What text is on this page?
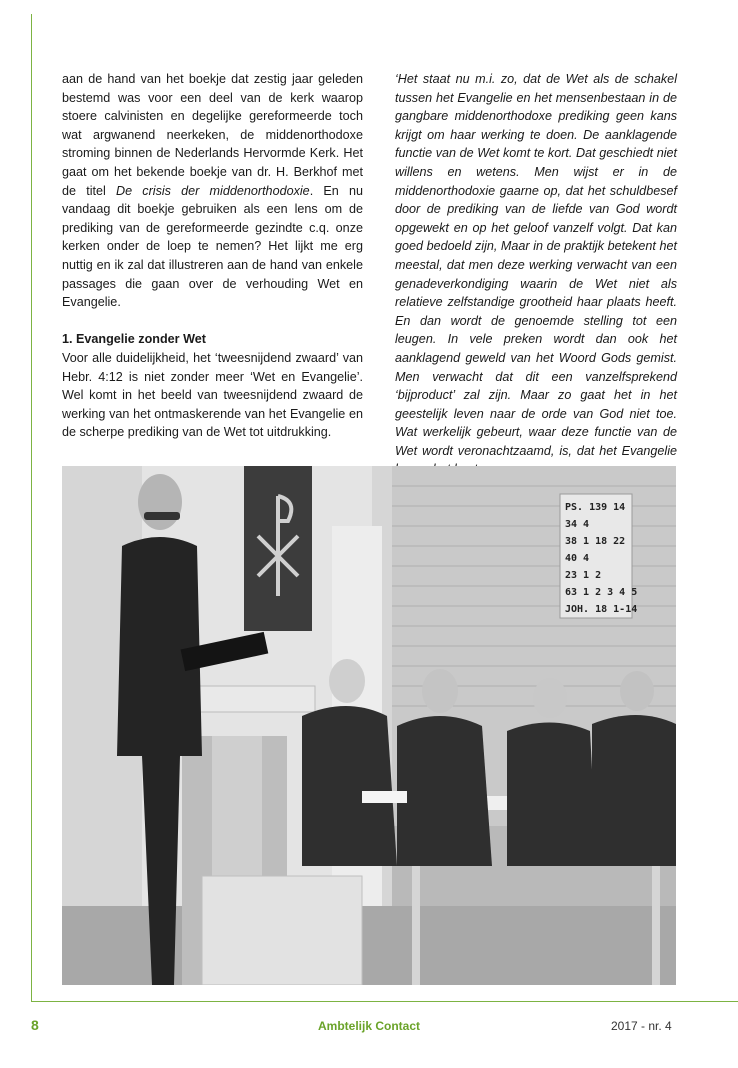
aan de hand van het boekje dat zestig jaar geleden bestemd was voor een deel van de kerk waarop stoere calvinisten en degelijke gereformeerde toch wat argwanend neerkeken, de middenorthodoxe stroming binnen de Nederlands Hervormde Kerk. Het gaat om het bekende boekje van dr. H. Berkhof met de titel De crisis der middenorthodoxie. En nu vandaag dit boekje gebruiken als een lens om de prediking van de gereformeerde gezindte c.q. onze kerken onder de loep te nemen? Het lijkt me erg nuttig en ik zal dat illustreren aan de hand van enkele passages die gaan over de verhouding Wet en Evangelie.

1. Evangelie zonder Wet

Voor alle duidelijkheid, het ‘tweesnijdend zwaard’ van Hebr. 4:12 is niet zonder meer ‘Wet en Evangelie’. Wel komt in het beeld van tweesnijdend zwaard de werking van het ontmaskerende van het Evangelie en de scherpe prediking van de Wet tot uitdrukking.

‘Het staat nu m.i. zo, dat de Wet als de schakel tussen het Evangelie en het mensenbestaan in de gangbare middenorthodoxe prediking geen kans krijgt om haar werking te doen. De aanklagende functie van de Wet komt te kort. Dat geschiedt niet willens en wetens. Men wijst er in de middenorthodoxie gaarne op, dat het schuldbesef door de prediking van de liefde van God wordt opgewekt en op het geloof vanzelf volgt. Dat kan goed bedoeld zijn, Maar in de praktijk betekent het meestal, dat men deze werking verwacht van een genadeverkondiging waarin de Wet niet als relatieve zelfstandige grootheid haar plaats heeft. En dan wordt de genoemde stelling tot een leugen. In vele preken wordt dan ook het aanklagend geweld van het Woord Gods gemist. Men verwacht dat dit een vanzelfsprekend ‘bijproduct’ zal zijn. Maar zo gaat het in het geestelijk leven naar de orde van God niet toe. Wat werkelijk gebeurt, waar deze functie van de Wet wordt veronachtzaamd, is, dat het Evangelie

PS. 139 14
34 4
38 1 18 22
40 4
23 1 2
63 1 2 3 4 5
JOH. 18 1-14
8	Ambtelijk Contact	2017 - nr. 4
